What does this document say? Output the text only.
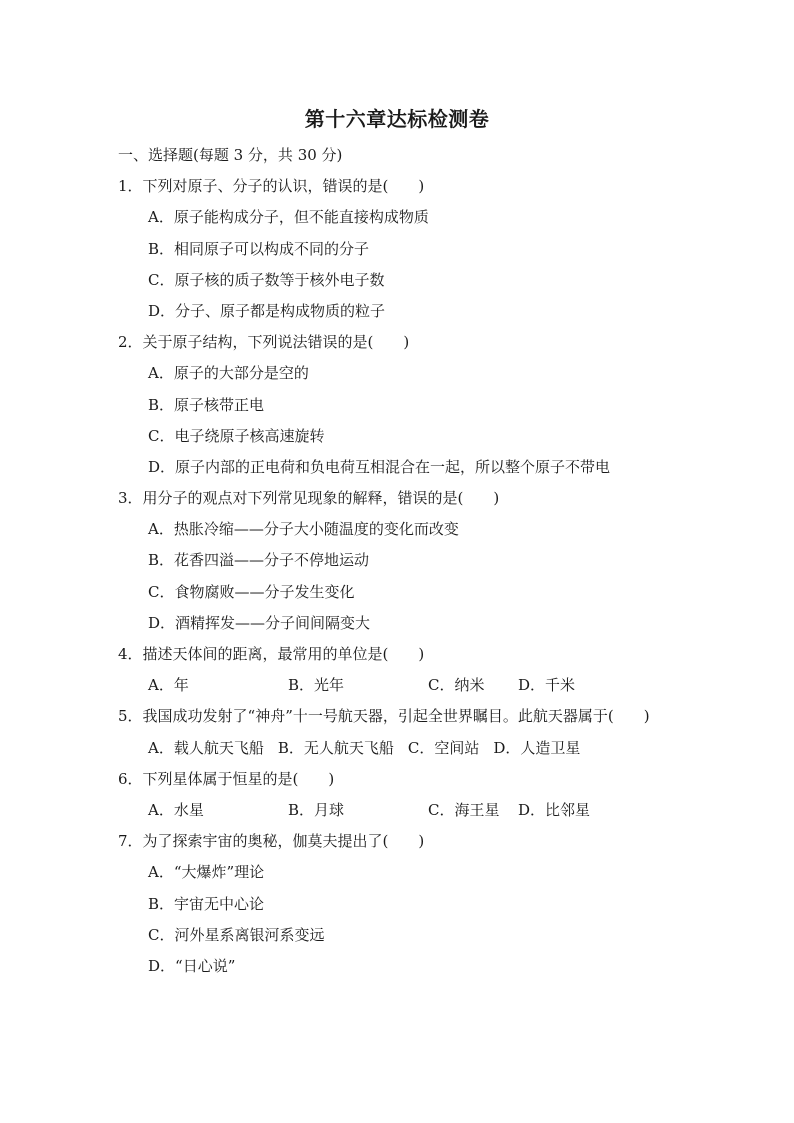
第十六章达标检测卷
一、选择题(每题 3 分，共 30 分)
1．下列对原子、分子的认识，错误的是(　　)
A．原子能构成分子，但不能直接构成物质
B．相同原子可以构成不同的分子
C．原子核的质子数等于核外电子数
D．分子、原子都是构成物质的粒子
2．关于原子结构，下列说法错误的是(　　)
A．原子的大部分是空的
B．原子核带正电
C．电子绕原子核高速旋转
D．原子内部的正电荷和负电荷互相混合在一起，所以整个原子不带电
3．用分子的观点对下列常见现象的解释，错误的是(　　)
A．热胀冷缩——分子大小随温度的变化而改变
B．花香四溢——分子不停地运动
C．食物腐败——分子发生变化
D．酒精挥发——分子间间隔变大
4．描述天体间的距离，最常用的单位是(　　)
A．年	B．光年	C．纳米	D．千米
5．我国成功发射了“神舟”十一号航天器，引起全世界瞩目。此航天器属于(　　)
A．载人航天飞船 B．无人航天飞船 C．空间站 D．人造卫星
6．下列星体属于恒星的是(　　)
A．水星	B．月球	C．海王星	D．比邻星
7．为了探索宇宙的奥秘，伽莫夫提出了(　　)
A．“大爆炸”理论
B．宇宙无中心论
C．河外星系离银河系变远
D．“日心说”
